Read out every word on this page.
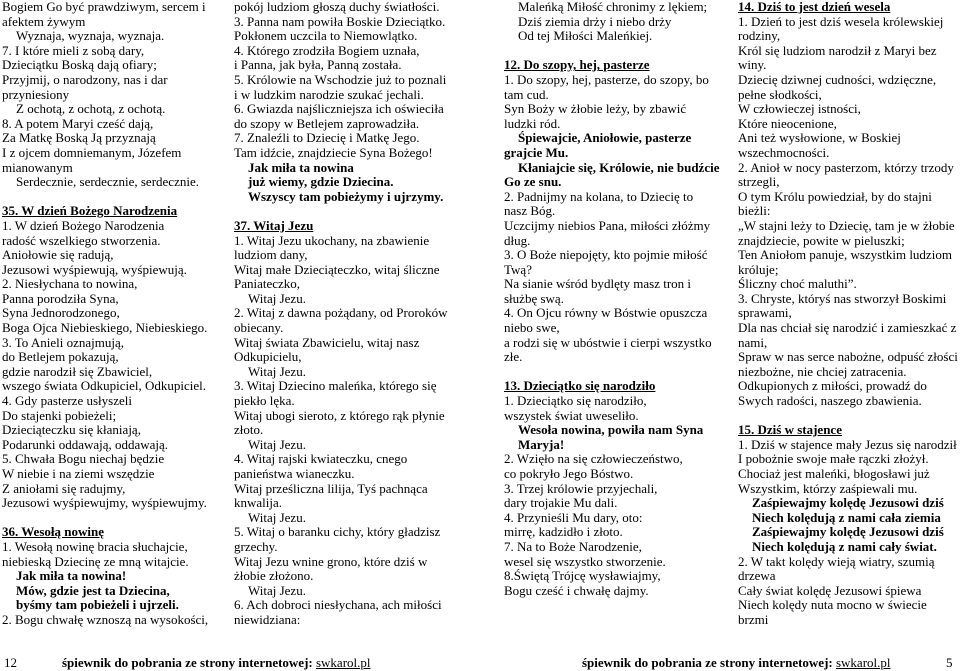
Bogiem Go być prawdziwym, sercem i
afektem żywym
Wyznaja, wyznaja, wyznaja.
7. I które mieli z sobą dary,
Dzieciątku Boską dają ofiary;
Przyjmij, o narodzony, nas i dar
przyniesiony
Z ochotą, z ochotą, z ochotą.
8. A potem Maryi cześć dają,
Za Matkę Boską Ją przyznają
I z ojcem domniemanym, Józefem
mianowanym
Serdecznie, serdecznie, serdecznie.
35. W dzień Bożego Narodzenia
1. W dzień Bożego Narodzenia
radość wszelkiego stworzenia.
Aniołowie się radują,
Jezusowi wyśpiewują, wyśpiewują.
2. Niesłychana to nowina,
Panna porodziła Syna,
Syna Jednorodzonego,
Boga Ojca Niebieskiego, Niebieskiego.
3. To Anieli oznajmują,
do Betlejem pokazują,
gdzie narodził się Zbawiciel,
wszego świata Odkupiciel, Odkupiciel.
4. Gdy pasterze usłyszeli
Do stajenki pobieżeli;
Dzieciąteczku się kłaniają,
Podarunki oddawają, oddawają.
5. Chwała Bogu niechaj będzie
W niebie i na ziemi wszędzie
Z aniołami się radujmy,
Jezusowi wyśpiewujmy, wyśpiewujmy.
36. Wesołą nowinę
1. Wesołą nowinę bracia słuchajcie,
niebieską Dziecinę ze mną witajcie.
Jak miła ta nowina!
Mów, gdzie jest ta Dziecina,
byśmy tam pobieżeli i ujrzeli.
2. Bogu chwałę wznoszą na wysokości,
pokój ludziom głoszą duchy światłości.
3. Panna nam powiła Boskie Dzieciątko.
Pokłonem uczcila to Niemowlątko.
4. Którego zrodziła Bogiem uznała,
i Panna, jak była, Panną została.
5. Królowie na Wschodzie już to poznali
i w ludzkim narodzie szukać jechali.
6. Gwiazda najśliczniejsza ich oświeciła
do szopy w Betlejem zaprowadziła.
7. Znaleźli to Dziecię i Matkę Jego.
Tam idźcie, znajdziecie Syna Bożego!
Jak miła ta nowina
już wiemy, gdzie Dziecina.
Wszyscy tam pobieżymy i ujrzymy.
37. Witaj Jezu
1. Witaj Jezu ukochany, na zbawienie
ludziom dany,
Witaj małe Dzieciąteczko, witaj śliczne
Paniateczko,
Witaj Jezu.
2. Witaj z dawna pożądany, od Proroków
obiecany.
Witaj świata Zbawicielu, witaj nasz
Odkupicielu,
Witaj Jezu.
3. Witaj Dziecino maleńka, którego się
piekło lęka.
Witaj ubogi sieroto, z którego rąk płynie
złoto.
Witaj Jezu.
4. Witaj rajski kwiateczku, cnego
panieństwa wianeczku.
Witaj prześliczna lilija, Tyś pachnąca
knwalija.
Witaj Jezu.
5. Witaj o baranku cichy, który gładzisz
grzechy.
Witaj Jezu wnine grono, które dziś w
żłobie złożono.
Witaj Jezu.
6. Ach dobroci niesłychana, ach miłości
niewidziana:
Maleńką Miłość chronimy z lękiem;
Dziś ziemia drży i niebo drży
Od tej Miłości Maleńkiej.
12. Do szopy, hej, pasterze
1. Do szopy, hej, pasterze, do szopy, bo
tam cud.
Syn Boży w żłobie leży, by zbawić
ludzki ród.
Śpiewajcie, Aniołowie, pasterze
grajcie Mu.
Kłaniajcie się, Królowie, nie budźcie
Go ze snu.
2. Padnijmy na kolana, to Dziecię to
nasz Bóg.
Uczcijmy niebios Pana, miłości złóżmy
dług.
3. O Boże niepojęty, kto pojmie miłość
Twą?
Na sianie wśród bydlęty masz tron i
służbę swą.
4. On Ojcu równy w Bóstwie opuszcza
niebo swe,
a rodzi się w ubóstwie i cierpi wszystko
złe.
13. Dzieciątko się narodziło
1. Dzieciątko się narodziło,
wszystek świat uweseliło.
Wesoła nowina, powiła nam Syna
Maryja!
2. Wzięło na się człowieczeństwo,
co pokryło Jego Bóstwo.
3. Trzej królowie przyjechali,
dary trojakie Mu dali.
4. Przynieśli Mu dary, oto:
mirrę, kadzidło i złoto.
7. Na to Boże Narodzenie,
wesel się wszystko stworzenie.
8.Świętą Trójcę wysławiajmy,
Bogu cześć i chwałę dajmy.
14. Dziś to jest dzień wesela
1. Dzień to jest dziś wesela królewskiej
rodziny,
Król się ludziom narodził z Maryi bez
winy.
Dziecię dziwnej cudności, wdzięczne,
pełne słodkości,
W człowieczej istności,
Które nieocenione,
Ani też wysłowione, w Boskiej
wszechmocności.
2. Anioł w nocy pasterzom, którzy trzody
strzegli,
O tym Królu powiedział, by do stajni
bieżli:
„W stajni leży to Dziecię, tam je w żłobie
znajdziecie, powite w pieluszki;
Ten Aniołom panuje, wszystkim ludziom
króluje;
Śliczny choć maluthi”.
3. Chryste, któryś nas stworzył Boskimi
sprawami,
Dla nas chciał się narodzić i zamieszkać z
nami,
Spraw w nas serce nabożne, odpuść złości
niezbożne, nie chciej zatracenia.
Odkupionych z miłości, prowadź do
Swych radości, naszego zbawienia.
15. Dziś w stajence
1. Dziś w stajence mały Jezus się narodził
I pobożnie swoje małe rączki złożył.
Chociaż jest maleńki, błogosławi już
Wszystkim, którzy zaśpiewali mu.
Zaśpiewajmy kolędę Jezusowi dziś
Niech kolędują z nami cała ziemia
Zaśpiewajmy kolędę Jezusowi dziś
Niech kolędują z nami cały świat.
2. W takt kolędy wieją wiatry, szumią
drzewa
Cały świat kolędę Jezusowi śpiewa
Niech kolędy nuta mocno w świecie
brzmi
12	śpiewnik do pobrania ze strony internetowej: swkarol.pl	śpiewnik do pobrania ze strony internetowej: swkarol.pl	5
